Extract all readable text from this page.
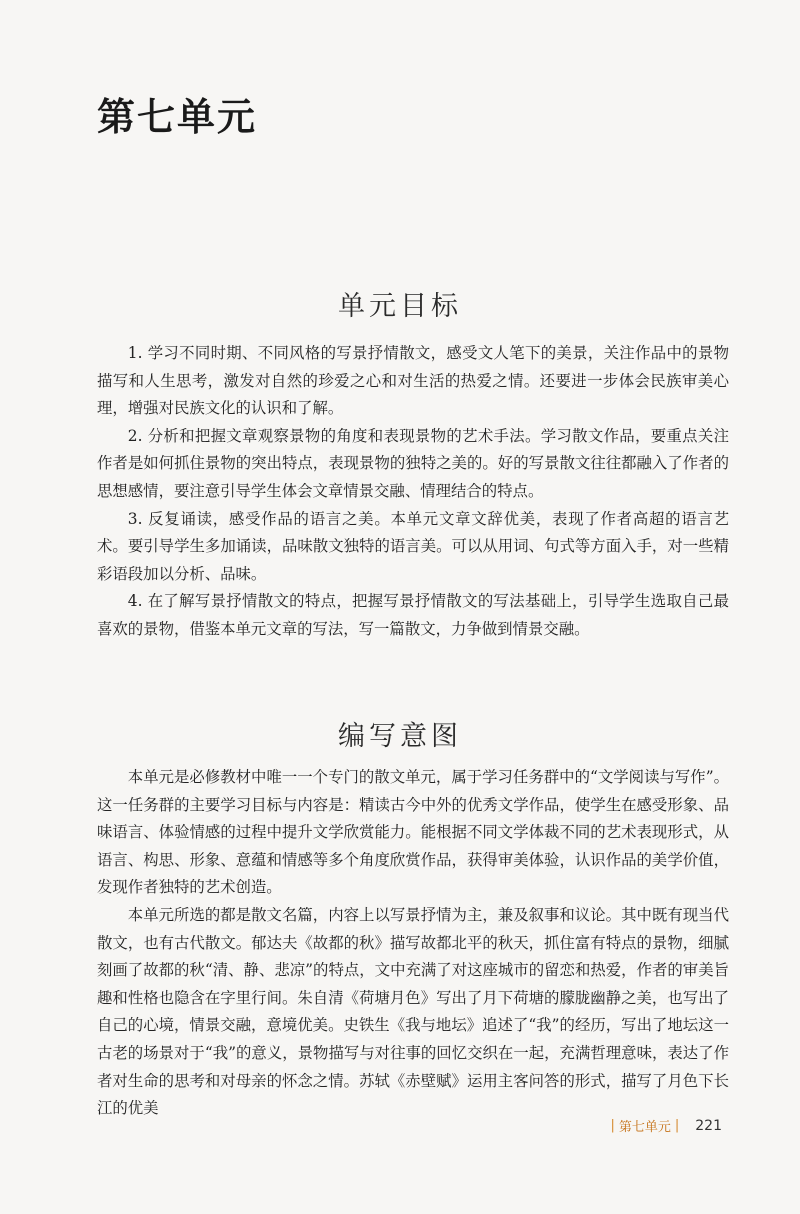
第七单元
单元目标

1. 学习不同时期、不同风格的写景抒情散文，感受文人笔下的美景，关注作品中的景物描写和人生思考，激发对自然的珍爱之心和对生活的热爱之情。还要进一步体会民族审美心理，增强对民族文化的认识和了解。

2. 分析和把握文章观察景物的角度和表现景物的艺术手法。学习散文作品，要重点关注作者是如何抓住景物的突出特点，表现景物的独特之美的。好的写景散文往往都融入了作者的思想感情，要注意引导学生体会文章情景交融、情理结合的特点。

3. 反复诵读，感受作品的语言之美。本单元文章文辞优美，表现了作者高超的语言艺术。要引导学生多加诵读，品味散文独特的语言美。可以从用词、句式等方面入手，对一些精彩语段加以分析、品味。

4. 在了解写景抒情散文的特点，把握写景抒情散文的写法基础上，引导学生选取自己最喜欢的景物，借鉴本单元文章的写法，写一篇散文，力争做到情景交融。

编写意图

本单元是必修教材中唯一一个专门的散文单元，属于学习任务群中的“文学阅读与写作”。这一任务群的主要学习目标与内容是：精读古今中外的优秀文学作品，使学生在感受形象、品味语言、体验情感的过程中提升文学欣赏能力。能根据不同文学体裁不同的艺术表现形式，从语言、构思、形象、意蕴和情感等多个角度欣赏作品，获得审美体验，认识作品的美学价值，发现作者独特的艺术创造。

本单元所选的都是散文名篇，内容上以写景抒情为主，兼及叙事和议论。其中既有现当代散文，也有古代散文。郁达夫《故都的秋》描写故都北平的秋天，抓住富有特点的景物，细腻刻画了故都的秋“清、静、悲凉”的特点，文中充满了对这座城市的留恋和热爱，作者的审美旨趣和性格也隐含在字里行间。朱自清《荷塘月色》写出了月下荷塘的朦胧幽静之美，也写出了自己的心境，情景交融，意境优美。史铁生《我与地坛》追述了“我”的经历，写出了地坛这一古老的场景对于“我”的意义，景物描写与对往事的回忆交织在一起，充满哲理意味，表达了作者对生命的思考和对母亲的怀念之情。苏轼《赤壁赋》运用主客问答的形式，描写了月色下长江的优美

| 第七单元 | 221
